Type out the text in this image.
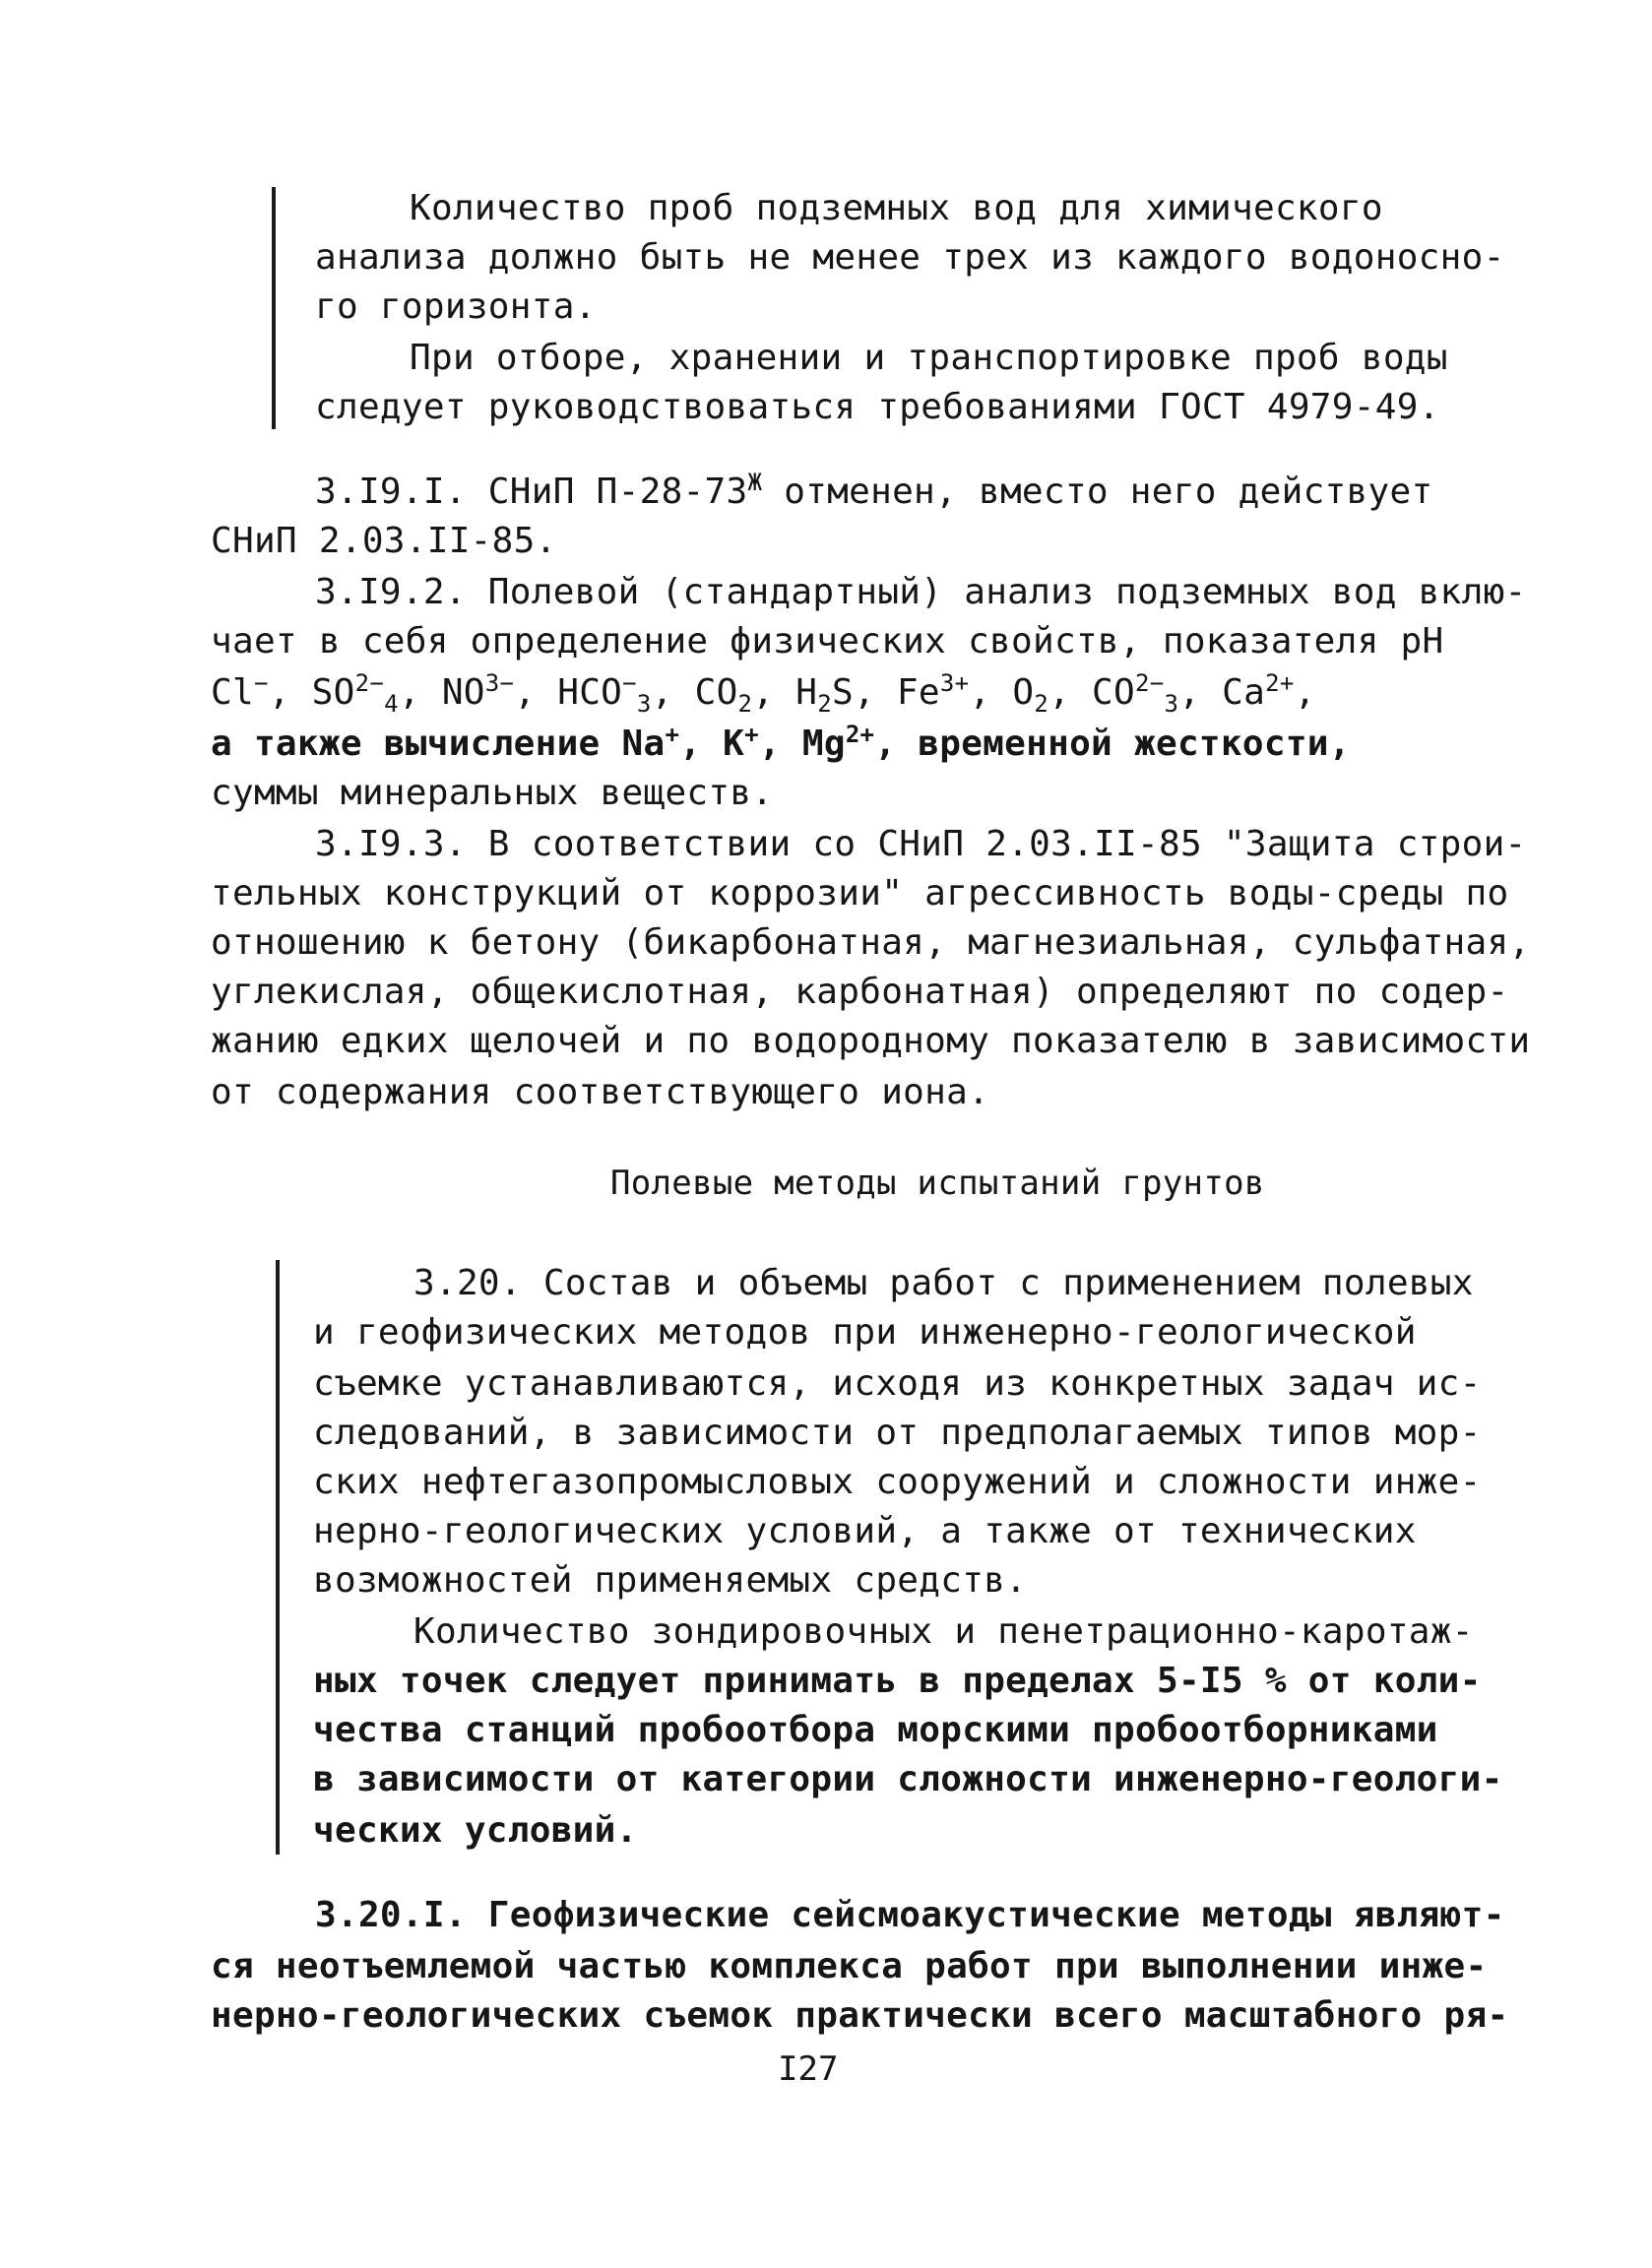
Количество проб подземных вод для химического
анализа должно быть не менее трех из каждого водоносно-
го горизонта.
При отборе, хранении и транспортировке проб воды
следует руководствоваться требованиями ГОСТ 4979-49.
3.I9.I. СНиП $П-28-73^Ж$ отменен, вместо него действует
СНиП 2.03.II-85.
3.I9.2. Полевой (стандартный) анализ подземных вод вклю-
чает в себя определение физических свойств, показателя pH
Cl−, $SO^{2-}_4$, $NO^{3-}$, $HCO^-_3$, $CO_2$, $H_2S$, $Fe^{3+}$, $O_2$, $CO^{2-}_3$, $Ca^{2+}$,
а также вычисление Na+, K+, $Mg^{2+}$, временной жесткости,
суммы минеральных веществ.
3.I9.3. В соответствии со СНиП 2.03.II-85 "Защита строи-
тельных конструкций от коррозии" агрессивность воды-среды по
отношению к бетону (бикарбонатная, магнезиальная, сульфатная,
углекислая, общекислотная, карбонатная) определяют по содер-
жанию едких щелочей и по водородному показателю в зависимости
от содержания соответствующего иона.
Полевые методы испытаний грунтов
3.20. Состав и объемы работ с применением полевых
и геофизических методов при инженерно-геологической
съемке устанавливаются, исходя из конкретных задач ис-
следований, в зависимости от предполагаемых типов мор-
ских нефтегазопромысловых сооружений и сложности инже-
нерно-геологических условий, а также от технических
возможностей применяемых средств.
Количество зондировочных и пенетрационно-каротаж-
ных точек следует принимать в пределах 5-I5 % от коли-
чества станций пробоотбора морскими пробоотборниками
в зависимости от категории сложности инженерно-геологи-
ческих условий.
3.20.I. Геофизические сейсмоакустические методы являют-
ся неотъемлемой частью комплекса работ при выполнении инже-
нерно-геологических съемок практически всего масштабного ря-
I27
